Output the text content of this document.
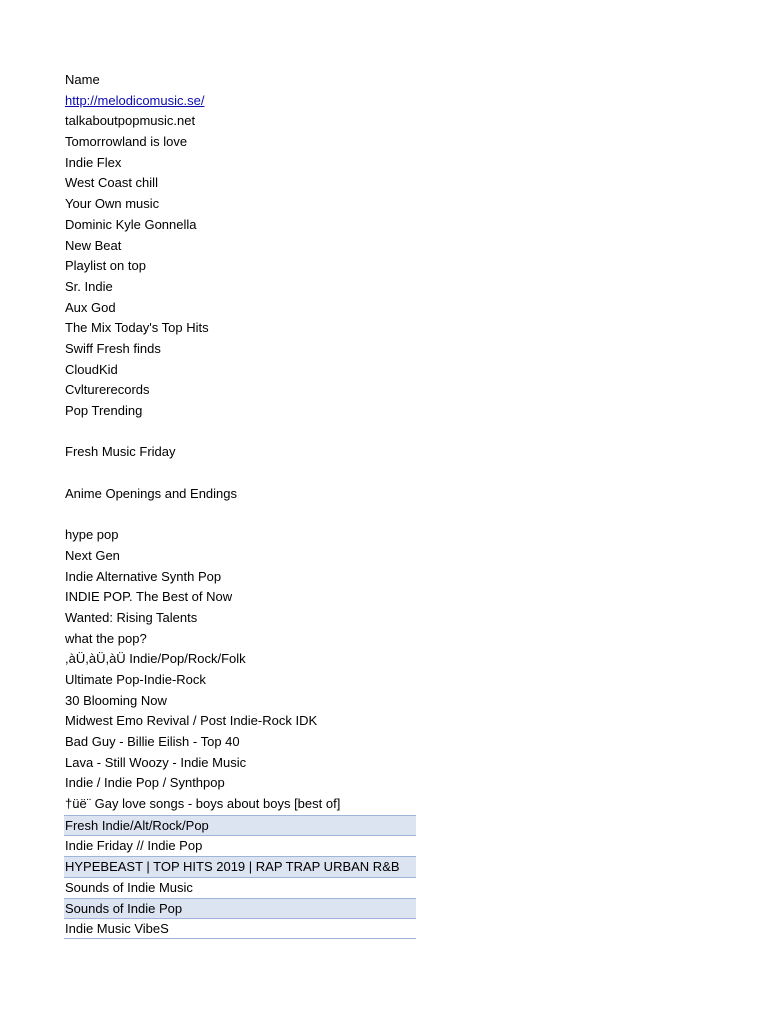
Name
http://melodicomusic.se/
talkaboutpopmusic.net
Tomorrowland is love
Indie Flex
West Coast chill
Your Own music
Dominic Kyle Gonnella
New Beat
Playlist on top
Sr. Indie
Aux God
The Mix Today's Top Hits
Swiff Fresh finds
CloudKid
Cvlturerecords
Pop Trending
Fresh Music Friday
Anime Openings and Endings
hype pop
Next Gen
Indie Alternative Synth Pop
INDIE POP. The Best of Now
Wanted: Rising Talents
what the pop?
,àÜ,àÜ,àÜ Indie/Pop/Rock/Folk
Ultimate Pop-Indie-Rock
30 Blooming Now
Midwest Emo Revival / Post Indie-Rock IDK
Bad Guy - Billie Eilish - Top 40
Lava - Still Woozy - Indie Music
Indie / Indie Pop / Synthpop
†üë¨ Gay love songs - boys about boys [best of]
Fresh Indie/Alt/Rock/Pop
Indie Friday // Indie Pop
HYPEBEAST | TOP HITS 2019 | RAP TRAP URBAN R&B
Sounds of Indie Music
Sounds of Indie Pop
Indie Music VibeS
